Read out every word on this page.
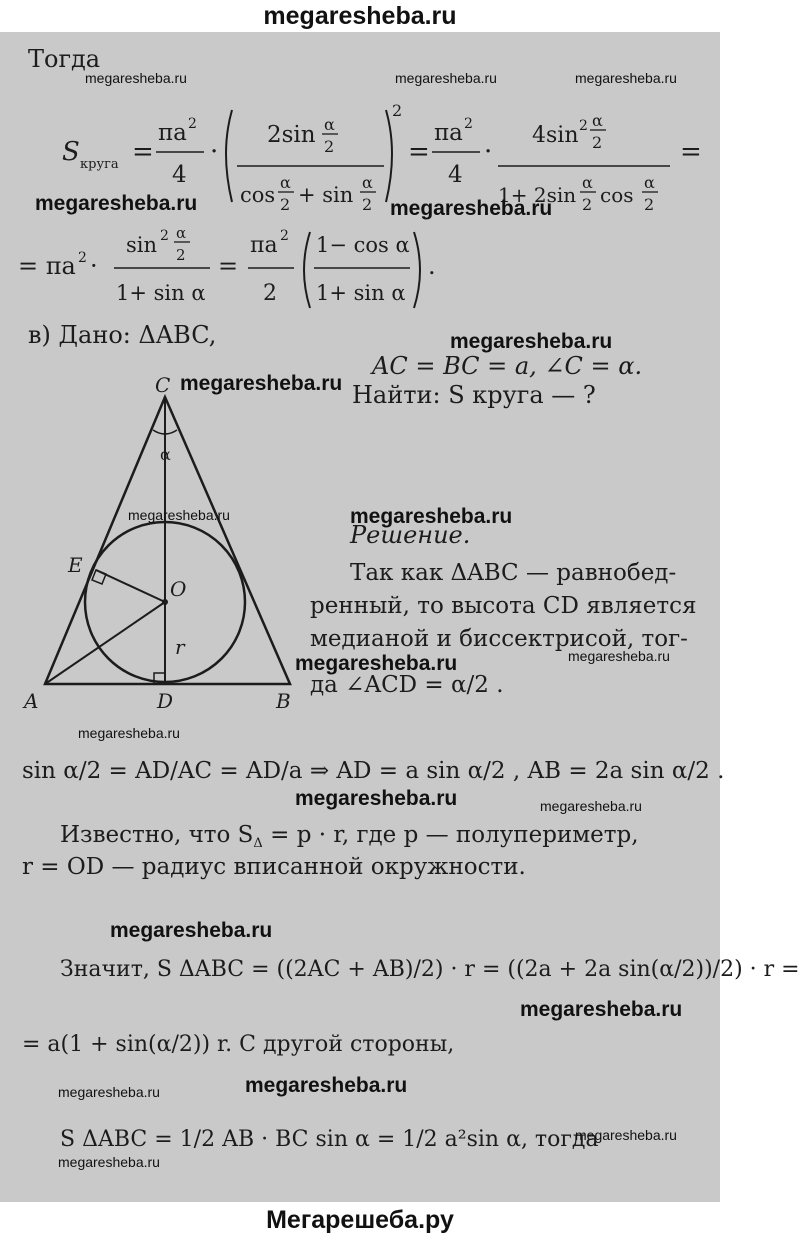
megaresheba.ru
Тогда
S круга =
πa 2
4
·
2sin α
2
cos
α
2 + sin
α
2
2
=
πa 2
4
·
4sin 2 α
2
1+ 2sin
α
2 cos
α
2
=
= πa 2 ·
sin 2 α
2
1+ sin α
=
πa 2
2
1− cos α
1+ sin α
.
в) Дано: ΔABC,
AC = BC = a, ∠C = α.
Найти: S круга — ?
C
A	B
D
E
O
r
α
Решение.
Так как ΔABC — равнобед-
ренный, то высота CD является
медианой и биссектрисой, тог-
да ∠ACD = α/2 .
sin α/2 = AD/AC = AD/a ⇒ AD = a sin α/2 , AB = 2a sin α/2 .
Известно, что $S_\Delta = p \cdot r$, где p — полупериметр,
r = OD — радиус вписанной окружности.
Значит, S ΔABC = ((2AC + AB)/2) · r = ((2a + 2a sin(α/2))/2) · r =
= a(1 + sin(α/2)) r. С другой стороны,
S ΔABC = 1/2 AB · BC sin α = 1/2 a²sin α, тогда
megaresheba.ru	megaresheba.ru	megaresheba.ru
megaresheba.ru	megaresheba.ru
megaresheba.ru
megaresheba.ru
megaresheba.ru	megaresheba.ru
megaresheba.ru	megaresheba.ru
megaresheba.ru
megaresheba.ru	megaresheba.ru
megaresheba.ru
megaresheba.ru
megaresheba.ru	megaresheba.ru
megaresheba.ru
megaresheba.ru
Мегарешеба.ру
